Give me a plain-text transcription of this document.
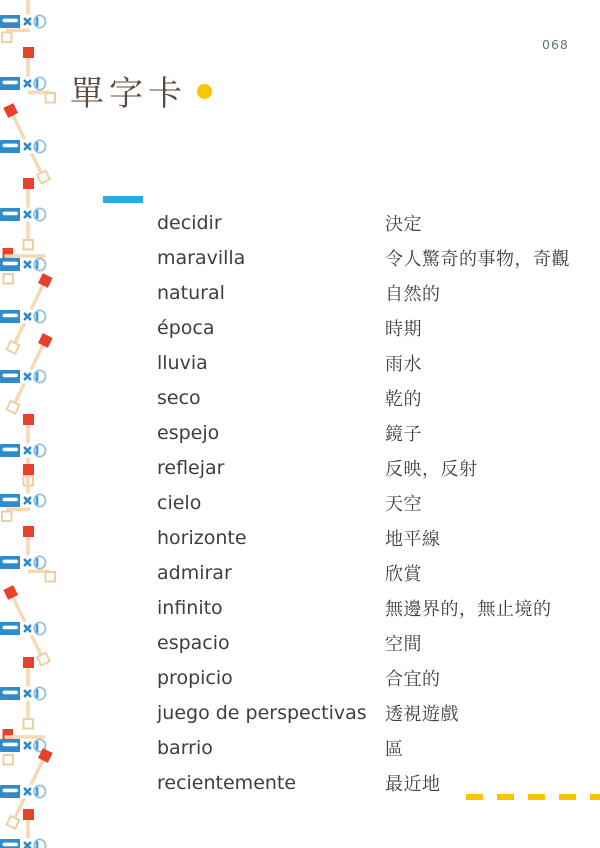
068
單字卡
decidir	決定
maravilla	令人驚奇的事物，奇觀
natural	自然的
época	時期
lluvia	雨水
seco	乾的
espejo	鏡子
reflejar	反映，反射
cielo	天空
horizonte	地平線
admirar	欣賞
infinito	無邊界的，無止境的
espacio	空間
propicio	合宜的
juego de perspectivas	透視遊戲
barrio	區
recientemente	最近地
